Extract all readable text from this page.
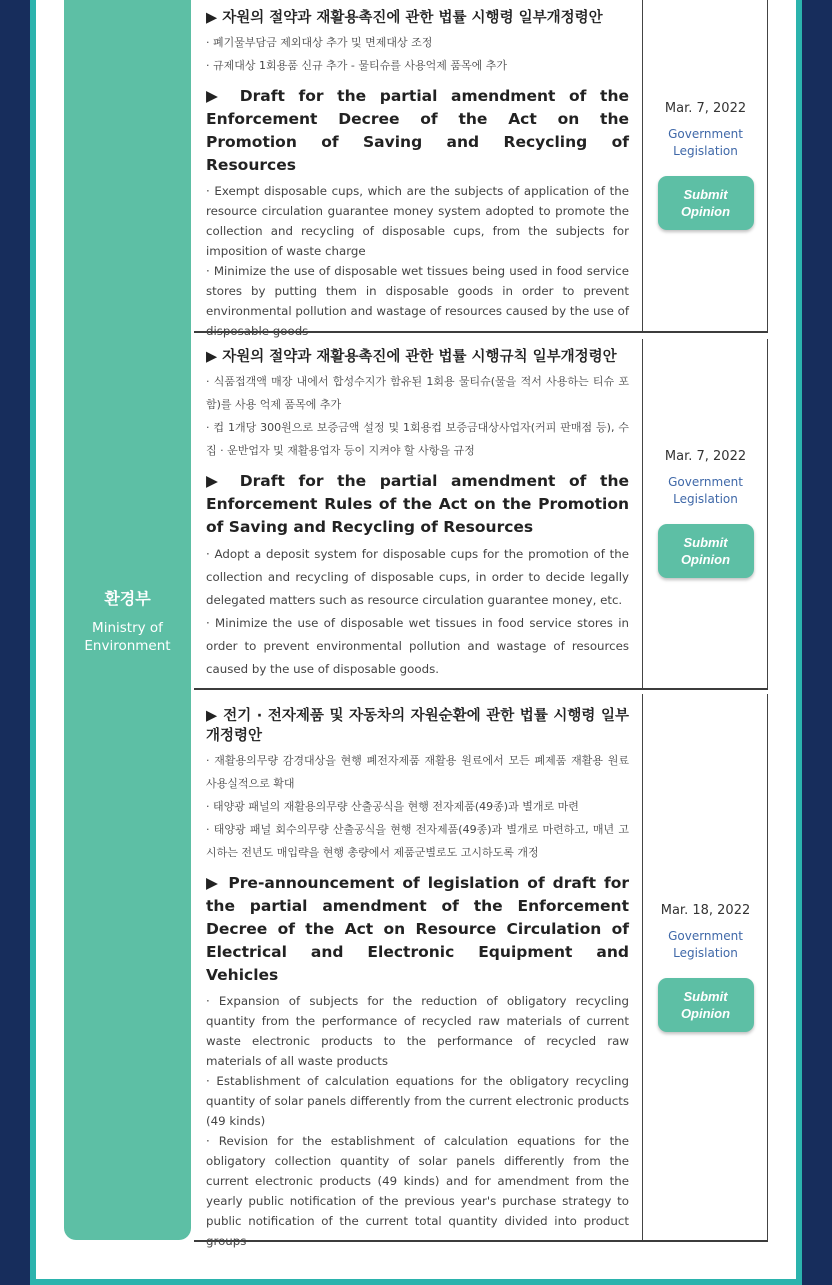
환경부
Ministry of
Environment
▶ 자원의 절약과 재활용촉진에 관한 법률 시행령 일부개정령안
· 폐기물부담금 제외대상 추가 및 면제대상 조정
· 규제대상 1회용품 신규 추가 - 물티슈를 사용억제 품목에 추가
▶ Draft for the partial amendment of the Enforcement Decree of the Act on the Promotion of Saving and Recycling of Resources
· Exempt disposable cups, which are the subjects of application of the resource circulation guarantee money system adopted to promote the collection and recycling of disposable cups, from the subjects for imposition of waste charge
· Minimize the use of disposable wet tissues being used in food service stores by putting them in disposable goods in order to prevent environmental pollution and wastage of resources caused by the use of disposable goods
Mar. 7, 2022
Government
Legislation
Submit
Opinion
▶ 자원의 절약과 재활용촉진에 관한 법률 시행규칙 일부개정령안
· 식품접객액 매장 내에서 합성수지가 함유된 1회용 물티슈(물을 적서 사용하는 티슈 포함)를 사용 억제 품목에 추가
· 컵 1개당 300원으로 보증금액 설정 및 1회용컵 보증금대상사업자(커피 판매점 등), 수집 · 운반업자 및 재활용업자 등이 지켜야 할 사항을 규정
▶ Draft for the partial amendment of the Enforcement Rules of the Act on the Promotion of Saving and Recycling of Resources
· Adopt a deposit system for disposable cups for the promotion of the collection and recycling of disposable cups, in order to decide legally delegated matters such as resource circulation guarantee money, etc.
· Minimize the use of disposable wet tissues in food service stores in order to prevent environmental pollution and wastage of resources caused by the use of disposable goods.
Mar. 7, 2022
Government
Legislation
Submit
Opinion
▶ 전기 · 전자제품 및 자동차의 자원순환에 관한 법률 시행령 일부개정령안
· 재활용의무량 감경대상을 현행 폐전자제품 재활용 원료에서 모든 폐제품 재활용 원료 사용실적으로 확대
· 태양광 패널의 재활용의무량 산출공식을 현행 전자제품(49종)과 별개로 마련
· 태양광 패널 회수의무량 산출공식을 현행 전자제품(49종)과 별개로 마련하고, 매년 고시하는 전년도 매입략을 현행 총량에서 제품군별로도 고시하도록 개정
▶ Pre-announcement of legislation of draft for the partial amendment of the Enforcement Decree of the Act on Resource Circulation of Electrical and Electronic Equipment and Vehicles
· Expansion of subjects for the reduction of obligatory recycling quantity from the performance of recycled raw materials of current waste electronic products to the performance of recycled raw materials of all waste products
· Establishment of calculation equations for the obligatory recycling quantity of solar panels differently from the current electronic products (49 kinds)
· Revision for the establishment of calculation equations for the obligatory collection quantity of solar panels differently from the current electronic products (49 kinds) and for amendment from the yearly public notification of the previous year's purchase strategy to public notification of the current total quantity divided into product groups
Mar. 18, 2022
Government
Legislation
Submit
Opinion
